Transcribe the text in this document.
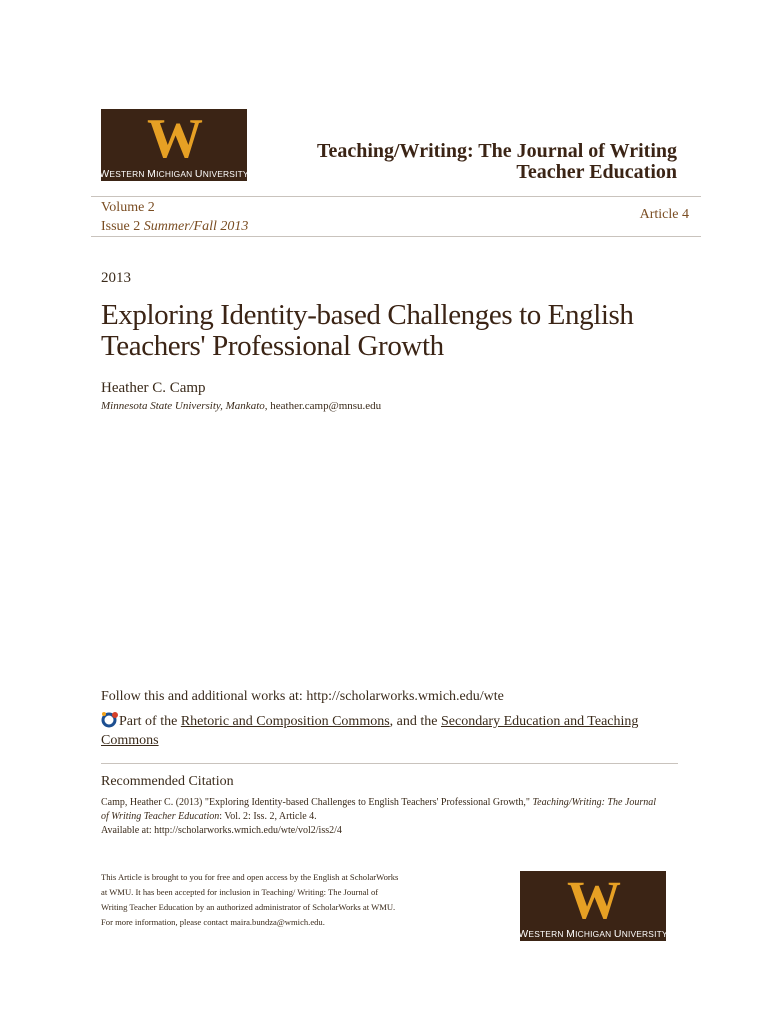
W
WESTERN MICHIGAN UNIVERSITY
Teaching/Writing: The Journal of Writing
Teacher Education
Volume 2
Issue 2 Summer/Fall 2013
Article 4
2013
Exploring Identity-based Challenges to English
Teachers' Professional Growth
Heather C. Camp
Minnesota State University, Mankato, heather.camp@mnsu.edu
Follow this and additional works at: http://scholarworks.wmich.edu/wte
Part of the Rhetoric and Composition Commons, and the Secondary Education and Teaching Commons
Recommended Citation
Camp, Heather C. (2013) "Exploring Identity-based Challenges to English Teachers' Professional Growth," Teaching/Writing: The Journal of Writing Teacher Education: Vol. 2: Iss. 2, Article 4.
Available at: http://scholarworks.wmich.edu/wte/vol2/iss2/4
This Article is brought to you for free and open access by the English at ScholarWorks at WMU. It has been accepted for inclusion in Teaching/ Writing: The Journal of Writing Teacher Education by an authorized administrator of ScholarWorks at WMU. For more information, please contact maira.bundza@wmich.edu.	W
WESTERN MICHIGAN UNIVERSITY
